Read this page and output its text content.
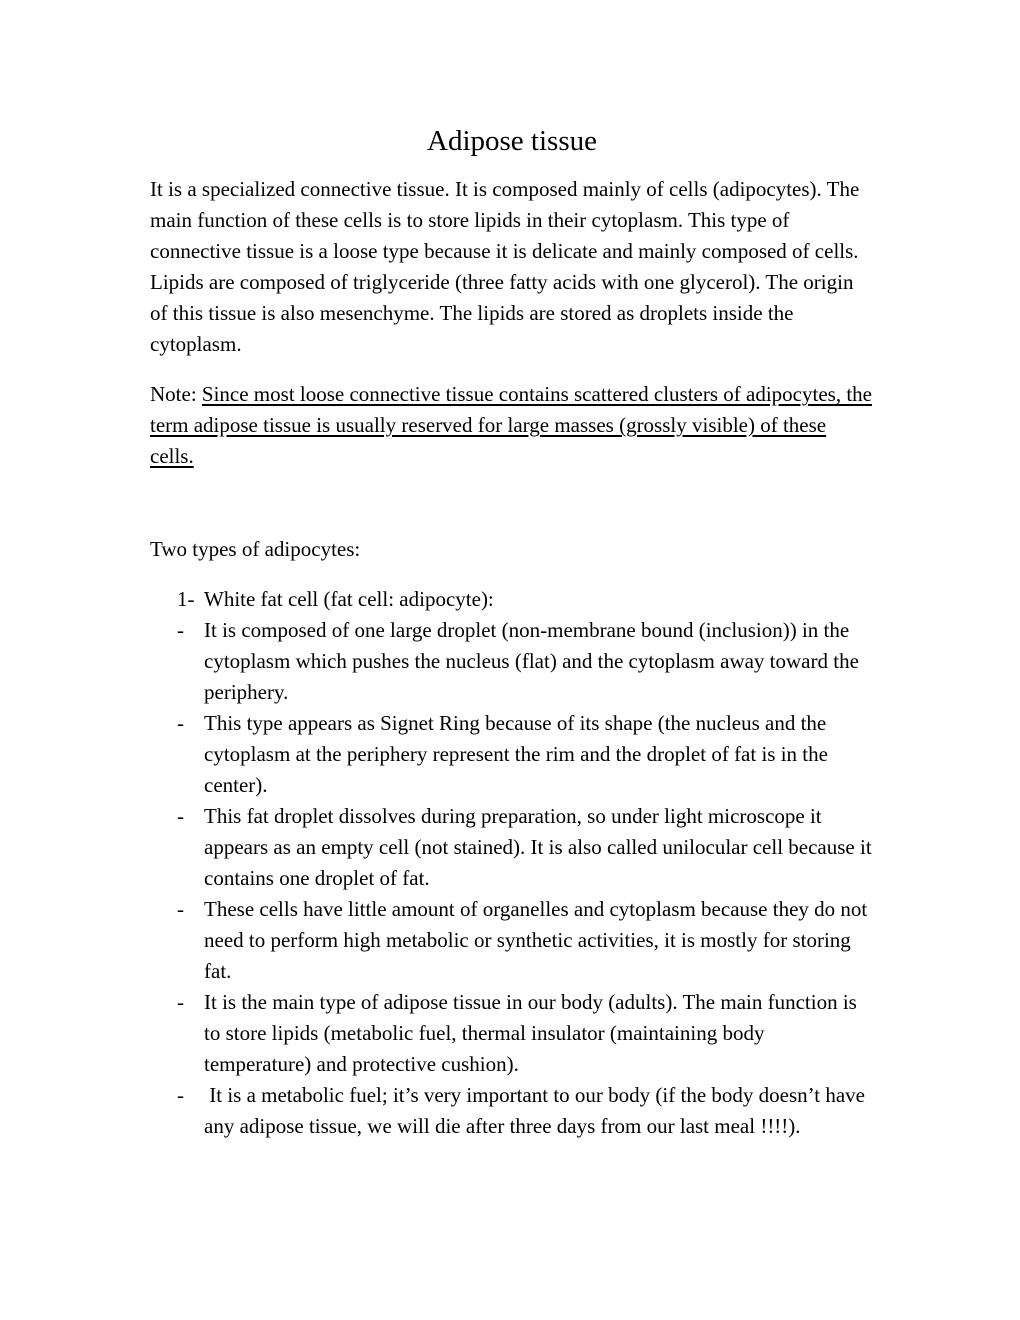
Adipose tissue

It is a specialized connective tissue. It is composed mainly of cells (adipocytes). The main function of these cells is to store lipids in their cytoplasm. This type of connective tissue is a loose type because it is delicate and mainly composed of cells. Lipids are composed of triglyceride (three fatty acids with one glycerol). The origin of this tissue is also mesenchyme. The lipids are stored as droplets inside the cytoplasm.

Note: Since most loose connective tissue contains scattered clusters of adipocytes, the term adipose tissue is usually reserved for large masses (grossly visible) of these cells.

Two types of adipocytes:

1- White fat cell (fat cell: adipocyte):
- It is composed of one large droplet (non-membrane bound (inclusion)) in the cytoplasm which pushes the nucleus (flat) and the cytoplasm away toward the periphery.
- This type appears as Signet Ring because of its shape (the nucleus and the cytoplasm at the periphery represent the rim and the droplet of fat is in the center).
- This fat droplet dissolves during preparation, so under light microscope it appears as an empty cell (not stained). It is also called unilocular cell because it contains one droplet of fat.
- These cells have little amount of organelles and cytoplasm because they do not need to perform high metabolic or synthetic activities, it is mostly for storing fat.
- It is the main type of adipose tissue in our body (adults). The main function is to store lipids (metabolic fuel, thermal insulator (maintaining body temperature) and protective cushion).
- It is a metabolic fuel; it’s very important to our body (if the body doesn’t have any adipose tissue, we will die after three days from our last meal !!!!).
